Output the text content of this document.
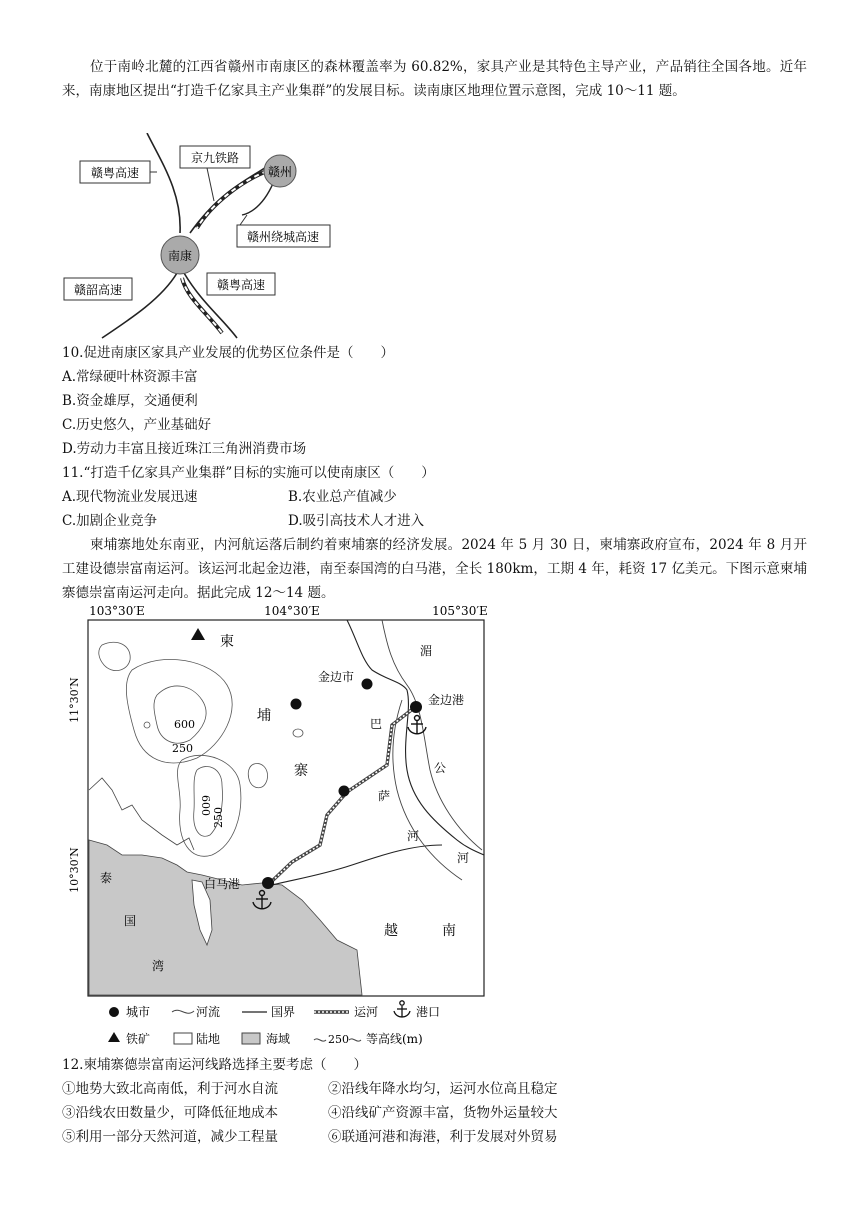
位于南岭北麓的江西省赣州市南康区的森林覆盖率为 60.82%，家具产业是其特色主导产业，产品销往全国各地。近年来，南康地区提出“打造千亿家具主产业集群”的发展目标。读南康区地理位置示意图，完成 10～11 题。
赣州
南康
赣粤高速
京九铁路
赣州绕城高速
赣韶高速	赣粤高速
10.促进南康区家具产业发展的优势区位条件是（　　）
A.常绿硬叶林资源丰富
B.资金雄厚，交通便利
C.历史悠久，产业基础好
D.劳动力丰富且接近珠江三角洲消费市场
11.“打造千亿家具产业集群”目标的实施可以使南康区（　　）
A.现代物流业发展迅速	B.农业总产值减少
C.加剧企业竞争	D.吸引高技术人才进入
柬埔寨地处东南亚，内河航运落后制约着柬埔寨的经济发展。2024 年 5 月 30 日，柬埔寨政府宣布，2024 年 8 月开工建设德崇富南运河。该运河北起金边港，南至泰国湾的白马港，全长 180km，工期 4 年，耗资 17 亿美元。下图示意柬埔寨德崇富南运河走向。据此完成 12～14 题。
103°30′E	104°30′E	105°30′E
11°30′N
10°30′N
600
250
600
250
柬
埔
寨
金边市
金边港
湄
巴
公
萨
河
河
白马港
泰
国
湾
越	南
城市	河流	国界	运河	港口
铁矿	陆地	海域	250 等高线(m)
12.柬埔寨德崇富南运河线路选择主要考虑（　　）
①地势大致北高南低，利于河水自流	②沿线年降水均匀，运河水位高且稳定
③沿线农田数量少，可降低征地成本	④沿线矿产资源丰富，货物外运量较大
⑤利用一部分天然河道，减少工程量	⑥联通河港和海港，利于发展对外贸易
